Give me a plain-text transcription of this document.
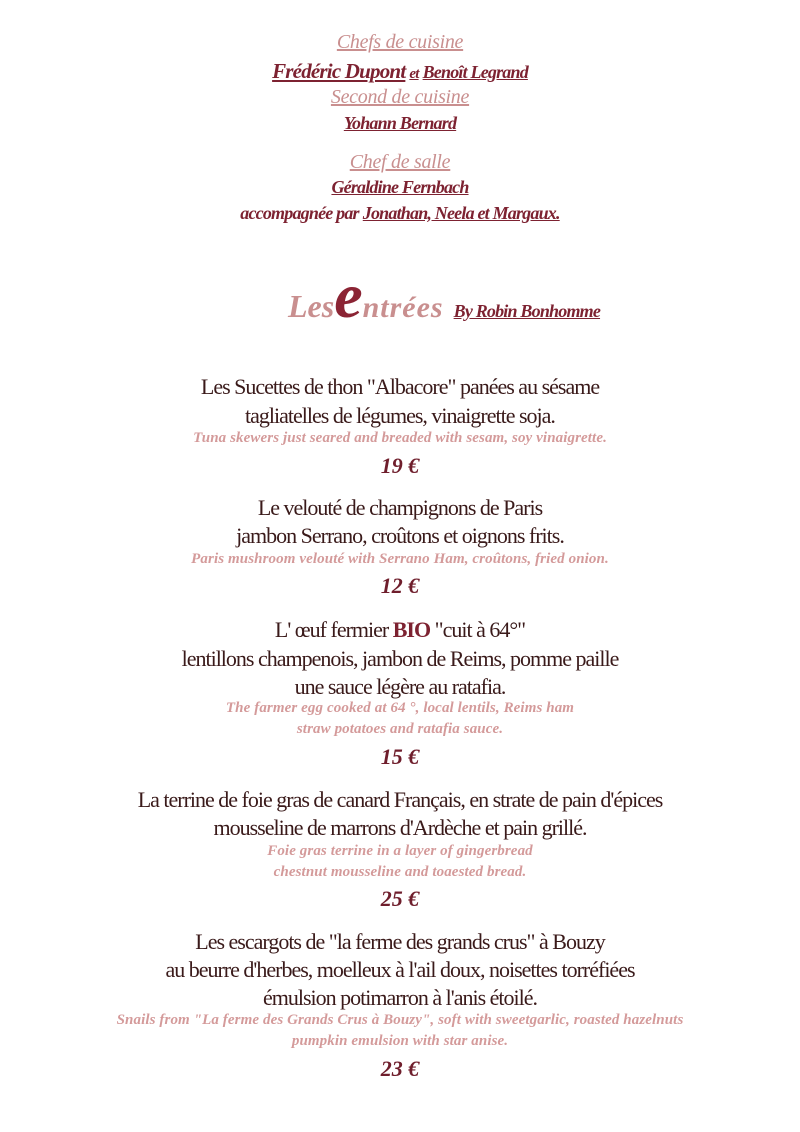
Chefs de cuisine
Frédéric Dupont et Benoît Legrand
Second de cuisine
Yohann Bernard
Chef de salle
Géraldine Fernbach
accompagnée par Jonathan, Neela et Margaux.
Lesentrées By Robin Bonhomme
Les Sucettes de thon "Albacore" panées au sésame
tagliatelles de légumes, vinaigrette soja.
Tuna skewers just seared and breaded with sesam, soy vinaigrette.
19 €
Le velouté de champignons de Paris
jambon Serrano, croûtons et oignons frits.
Paris mushroom velouté with Serrano Ham, croûtons, fried onion.
12 €
L' œuf fermier BIO "cuit à 64°"
lentillons champenois, jambon de Reims, pomme paille
une sauce légère au ratafia.
The farmer egg cooked at 64 °, local lentils, Reims ham
straw potatoes and ratafia sauce.
15 €
La terrine de foie gras de canard Français, en strate de pain d'épices
mousseline de marrons d'Ardèche et pain grillé.
Foie gras terrine in a layer of gingerbread
chestnut mousseline and toaested bread.
25 €
Les escargots de "la ferme des grands crus" à Bouzy
au beurre d'herbes, moelleux à l'ail doux, noisettes torréfiées
émulsion potimarron à l'anis étoilé.
Snails from "La ferme des Grands Crus à Bouzy", soft with sweetgarlic, roasted hazelnuts
pumpkin emulsion with star anise.
23 €
